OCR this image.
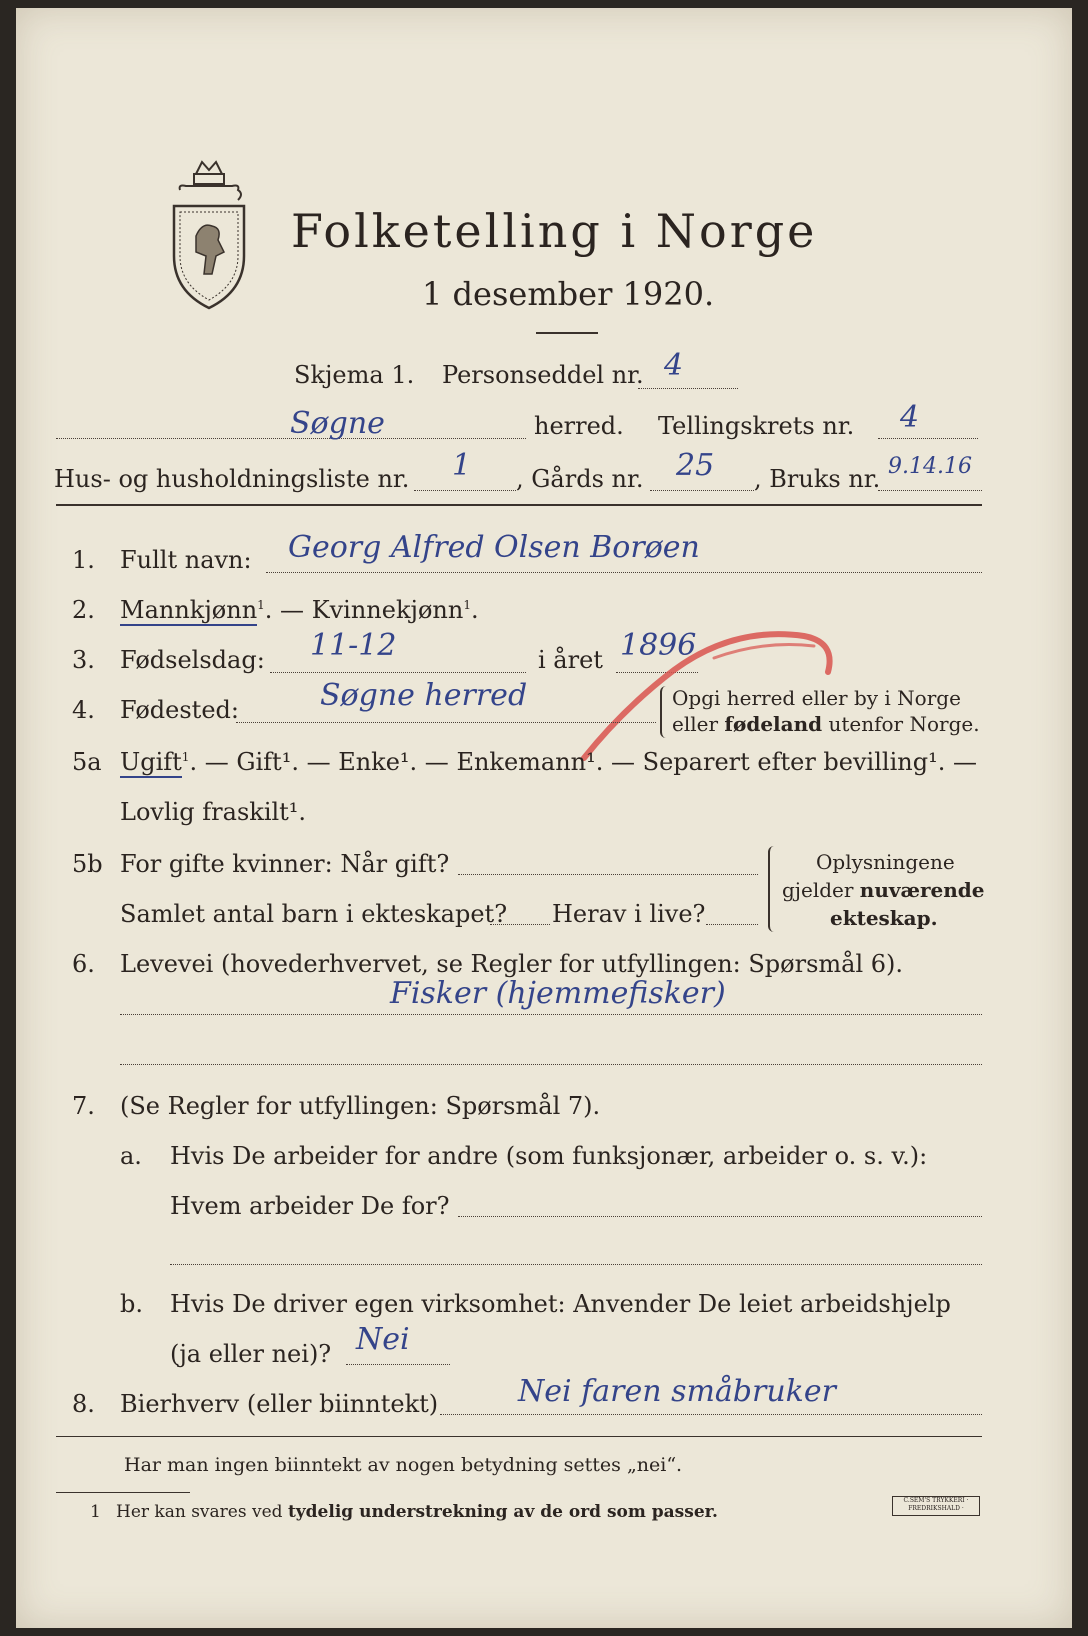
Folketelling i Norge
1 desember 1920.
Skjema 1. Personseddel nr. 4
Søgne	herred. Tellingskrets nr. 4
Hus- og husholdningsliste nr. 1 , Gårds nr. 25 , Bruks nr. 9.14.16
1. Fullt navn: Georg Alfred Olsen Borøen
2. Mannkjønn$^1$. — Kvinnekjønn$^1$.
3. Fødselsdag: 11-12	i året 1896
4. Fødested:	Søgne herred	Opgi herred eller by i Norge
eller fødeland utenfor Norge.
5a Ugift$^1$. — Gift¹. — Enke¹. — Enkemann¹. — Separert efter bevilling¹. —
Lovlig fraskilt¹.
5b For gifte kvinner: Når gift?
Samlet antal barn i ekteskapet? Herav i live?
Oplysningene
gjelder nuværende
ekteskap.
6. Levevei (hovederhvervet, se Regler for utfyllingen: Spørsmål 6).
Fisker (hjemmefisker)
7. (Se Regler for utfyllingen: Spørsmål 7).
a. Hvis De arbeider for andre (som funksjonær, arbeider o. s. v.):
Hvem arbeider De for?
b. Hvis De driver egen virksomhet: Anvender De leiet arbeidshjelp
(ja eller nei)? Nei
8. Bierhverv (eller biinntekt)	Nei faren småbruker
Har man ingen biinntekt av nogen betydning settes „nei“.
1 Her kan svares ved tydelig understrekning av de ord som passer.
C.SEM'S TRYKKERI · FREDRIKSHALD ·
